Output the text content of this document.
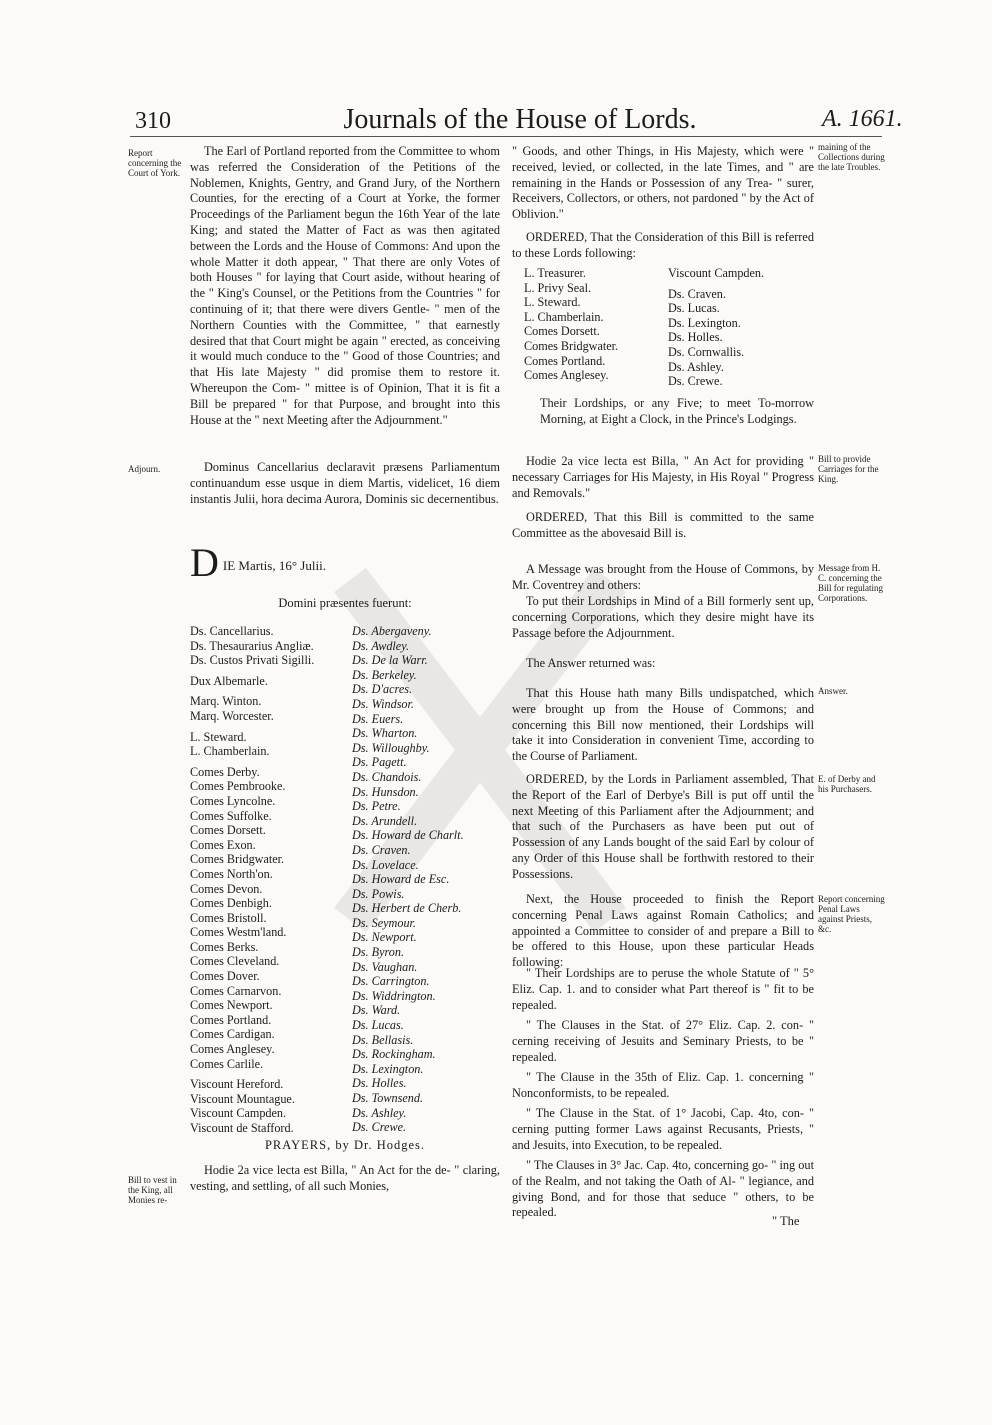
310	Journals of the House of Lords.	A. 1661.
Report concerning the Court of York.
Adjourn.
Bill to vest in the King, all Monies re-
maining of the Collections during the late Troubles.
Bill to provide Carriages for the King.
Message from H. C. concerning the Bill for regulating Corporations.
Answer.
E. of Derby and his Purchasers.
Report concerning Penal Laws against Priests, &c.
The Earl of Portland reported from the Committee to whom was referred the Consideration of the Petitions of the Noblemen, Knights, Gentry, and Grand Jury, of the Northern Counties, for the erecting of a Court at Yorke, the former Proceedings of the Parliament begun the 16th Year of the late King; and stated the Matter of Fact as was then agitated between the Lords and the House of Commons: And upon the whole Matter it doth appear, " That there are only Votes of both Houses " for laying that Court aside, without hearing of the " King's Counsel, or the Petitions from the Countries " for continuing of it; that there were divers Gentle- " men of the Northern Counties with the Committee, " that earnestly desired that that Court might be again " erected, as conceiving it would much conduce to the " Good of those Countries; and that His late Majesty " did promise them to restore it. Whereupon the Com- " mittee is of Opinion, That it is fit a Bill be prepared " for that Purpose, and brought into this House at the " next Meeting after the Adjournment."
Dominus Cancellarius declaravit præsens Parliamentum continuandum esse usque in diem Martis, videlicet, 16 diem instantis Julii, hora decima Aurora, Dominis sic decernentibus.
D IE Martis, 16° Julii.
Domini præsentes fuerunt:
Ds. Cancellarius.
Ds. Thesaurarius Angliæ.
Ds. Custos Privati Sigilli.
Dux Albemarle.
Marq. Winton.
Marq. Worcester.
L. Steward.
L. Chamberlain.
Comes Derby.
Comes Pembrooke.
Comes Lyncolne.
Comes Suffolke.
Comes Dorsett.
Comes Exon.
Comes Bridgwater.
Comes North'on.
Comes Devon.
Comes Denbigh.
Comes Bristoll.
Comes Westm'land.
Comes Berks.
Comes Cleveland.
Comes Dover.
Comes Carnarvon.
Comes Newport.
Comes Portland.
Comes Cardigan.
Comes Anglesey.
Comes Carlile.
Viscount Hereford.
Viscount Mountague.
Viscount Campden.
Viscount de Stafford.
Ds. Abergaveny.
Ds. Awdley.
Ds. De la Warr.
Ds. Berkeley.
Ds. D'acres.
Ds. Windsor.
Ds. Euers.
Ds. Wharton.
Ds. Willoughby.
Ds. Pagett.
Ds. Chandois.
Ds. Hunsdon.
Ds. Petre.
Ds. Arundell.
Ds. Howard de Charlt.
Ds. Craven.
Ds. Lovelace.
Ds. Howard de Esc.
Ds. Powis.
Ds. Herbert de Cherb.
Ds. Seymour.
Ds. Newport.
Ds. Byron.
Ds. Vaughan.
Ds. Carrington.
Ds. Widdrington.
Ds. Ward.
Ds. Lucas.
Ds. Bellasis.
Ds. Rockingham.
Ds. Lexington.
Ds. Holles.
Ds. Townsend.
Ds. Ashley.
Ds. Crewe.
PRAYERS, by Dr. Hodges.
Hodie 2a vice lecta est Billa, " An Act for the de- " claring, vesting, and settling, of all such Monies,
" Goods, and other Things, in His Majesty, which were " received, levied, or collected, in the late Times, and " are remaining in the Hands or Possession of any Trea- " surer, Receivers, Collectors, or others, not pardoned " by the Act of Oblivion."
ORDERED, That the Consideration of this Bill is referred to these Lords following:
L. Treasurer.
L. Privy Seal.
L. Steward.
L. Chamberlain.
Comes Dorsett.
Comes Bridgwater.
Comes Portland.
Comes Anglesey.
Viscount Campden.
Ds. Craven.
Ds. Lucas.
Ds. Lexington.
Ds. Holles.
Ds. Cornwallis.
Ds. Ashley.
Ds. Crewe.
Their Lordships, or any Five; to meet To-morrow Morning, at Eight a Clock, in the Prince's Lodgings.
Hodie 2a vice lecta est Billa, " An Act for providing " necessary Carriages for His Majesty, in His Royal " Progress and Removals."
ORDERED, That this Bill is committed to the same Committee as the abovesaid Bill is.
A Message was brought from the House of Commons, by Mr. Coventrey and others:
To put their Lordships in Mind of a Bill formerly sent up, concerning Corporations, which they desire might have its Passage before the Adjournment.
The Answer returned was:
That this House hath many Bills undispatched, which were brought up from the House of Commons; and concerning this Bill now mentioned, their Lordships will take it into Consideration in convenient Time, according to the Course of Parliament.
ORDERED, by the Lords in Parliament assembled, That the Report of the Earl of Derbye's Bill is put off until the next Meeting of this Parliament after the Adjournment; and that such of the Purchasers as have been put out of Possession of any Lands bought of the said Earl by colour of any Order of this House shall be forthwith restored to their Possessions.
Next, the House proceeded to finish the Report concerning Penal Laws against Romain Catholics; and appointed a Committee to consider of and prepare a Bill to be offered to this House, upon these particular Heads following:
" Their Lordships are to peruse the whole Statute of " 5° Eliz. Cap. 1. and to consider what Part thereof is " fit to be repealed.
" The Clauses in the Stat. of 27° Eliz. Cap. 2. con- " cerning receiving of Jesuits and Seminary Priests, to be " repealed.
" The Clause in the 35th of Eliz. Cap. 1. concerning " Nonconformists, to be repealed.
" The Clause in the Stat. of 1° Jacobi, Cap. 4to, con- " cerning putting former Laws against Recusants, Priests, " and Jesuits, into Execution, to be repealed.
" The Clauses in 3° Jac. Cap. 4to, concerning go- " ing out of the Realm, and not taking the Oath of Al- " legiance, and giving Bond, and for those that seduce " others, to be repealed.
" The
